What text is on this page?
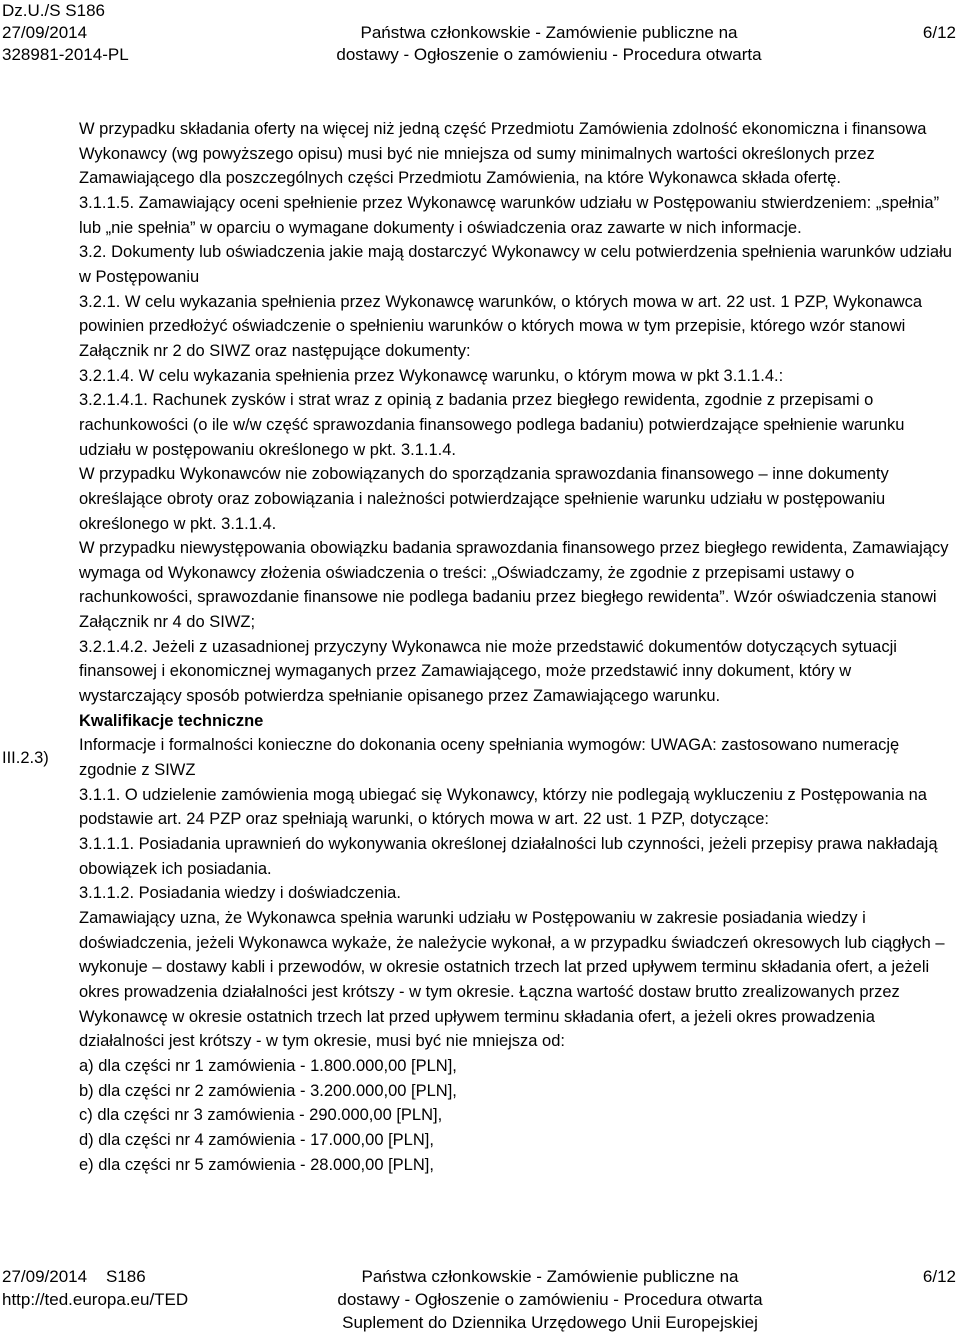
Dz.U./S S186
27/09/2014
328981-2014-PL
Państwa członkowskie - Zamówienie publiczne na
dostawy - Ogłoszenie o zamówieniu - Procedura otwarta
6/12

W przypadku składania oferty na więcej niż jedną część Przedmiotu Zamówienia zdolność ekonomiczna i finansowa Wykonawcy (wg powyższego opisu) musi być nie mniejsza od sumy minimalnych wartości określonych przez Zamawiającego dla poszczególnych części Przedmiotu Zamówienia, na które Wykonawca składa ofertę.

3.1.1.5. Zamawiający oceni spełnienie przez Wykonawcę warunków udziału w Postępowaniu stwierdzeniem: „spełnia” lub „nie spełnia” w oparciu o wymagane dokumenty i oświadczenia oraz zawarte w nich informacje.

3.2. Dokumenty lub oświadczenia jakie mają dostarczyć Wykonawcy w celu potwierdzenia spełnienia warunków udziału w Postępowaniu

3.2.1. W celu wykazania spełnienia przez Wykonawcę warunków, o których mowa w art. 22 ust. 1 PZP, Wykonawca powinien przedłożyć oświadczenie o spełnieniu warunków o których mowa w tym przepisie, którego wzór stanowi Załącznik nr 2 do SIWZ oraz następujące dokumenty:

3.2.1.4. W celu wykazania spełnienia przez Wykonawcę warunku, o którym mowa w pkt 3.1.1.4.:

3.2.1.4.1. Rachunek zysków i strat wraz z opinią z badania przez biegłego rewidenta, zgodnie z przepisami o rachunkowości (o ile w/w część sprawozdania finansowego podlega badaniu) potwierdzające spełnienie warunku udziału w postępowaniu określonego w pkt. 3.1.1.4.

W przypadku Wykonawców nie zobowiązanych do sporządzania sprawozdania finansowego – inne dokumenty określające obroty oraz zobowiązania i należności potwierdzające spełnienie warunku udziału w postępowaniu określonego w pkt. 3.1.1.4.

W przypadku niewystępowania obowiązku badania sprawozdania finansowego przez biegłego rewidenta, Zamawiający wymaga od Wykonawcy złożenia oświadczenia o treści: „Oświadczamy, że zgodnie z przepisami ustawy o rachunkowości, sprawozdanie finansowe nie podlega badaniu przez biegłego rewidenta”. Wzór oświadczenia stanowi Załącznik nr 4 do SIWZ;

3.2.1.4.2. Jeżeli z uzasadnionej przyczyny Wykonawca nie może przedstawić dokumentów dotyczących sytuacji finansowej i ekonomicznej wymaganych przez Zamawiającego, może przedstawić inny dokument, który w wystarczający sposób potwierdza spełnianie opisanego przez Zamawiającego warunku.

Kwalifikacje techniczne

Informacje i formalności konieczne do dokonania oceny spełniania wymogów: UWAGA: zastosowano numerację zgodnie z SIWZ

3.1.1. O udzielenie zamówienia mogą ubiegać się Wykonawcy, którzy nie podlegają wykluczeniu z Postępowania na podstawie art. 24 PZP oraz spełniają warunki, o których mowa w art. 22 ust. 1 PZP, dotyczące:

3.1.1.1. Posiadania uprawnień do wykonywania określonej działalności lub czynności, jeżeli przepisy prawa nakładają obowiązek ich posiadania.

3.1.1.2. Posiadania wiedzy i doświadczenia.

Zamawiający uzna, że Wykonawca spełnia warunki udziału w Postępowaniu w zakresie posiadania wiedzy i doświadczenia, jeżeli Wykonawca wykaże, że należycie wykonał, a w przypadku świadczeń okresowych lub ciągłych – wykonuje – dostawy kabli i przewodów, w okresie ostatnich trzech lat przed upływem terminu składania ofert, a jeżeli okres prowadzenia działalności jest krótszy - w tym okresie. Łączna wartość dostaw brutto zrealizowanych przez Wykonawcę w okresie ostatnich trzech lat przed upływem terminu składania ofert, a jeżeli okres prowadzenia działalności jest krótszy - w tym okresie, musi być nie mniejsza od:

a) dla części nr 1 zamówienia - 1.800.000,00 [PLN],

b) dla części nr 2 zamówienia - 3.200.000,00 [PLN],

c) dla części nr 3 zamówienia - 290.000,00 [PLN],

d) dla części nr 4 zamówienia - 17.000,00 [PLN],

e) dla części nr 5 zamówienia - 28.000,00 [PLN],

III.2.3)
27/09/2014 S186
http://ted.europa.eu/TED
Państwa członkowskie - Zamówienie publiczne na
dostawy - Ogłoszenie o zamówieniu - Procedura otwarta
Suplement do Dziennika Urzędowego Unii Europejskiej
6/12
